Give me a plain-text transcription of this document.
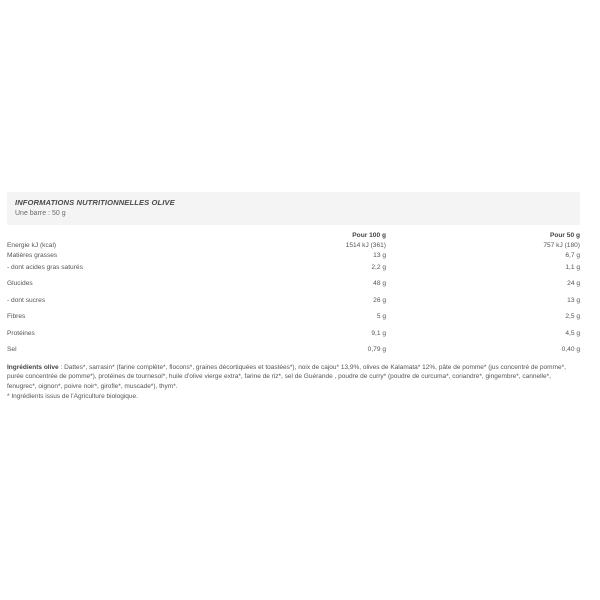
INFORMATIONS NUTRITIONNELLES OLIVE
Une barre : 50 g
	Pour 100 g	Pour 50 g
Energie kJ (kcal)	1514 kJ (361)	757 kJ (180)
Matières grasses	13 g	6,7 g
- dont acides gras saturés	2,2 g	1,1 g
Glucides	48 g	24 g
- dont sucres	26 g	13 g
Fibres	5 g	2,5 g
Protéines	9,1 g	4,5 g
Sel	0,79 g	0,40 g
Ingrédients olive : Dattes*, sarrasin* (farine complète*, flocons*, graines décortiquées et toastées*), noix de cajou* 13,9%, olives de Kalamata* 12%, pâte de pomme* (jus concentré de pomme*, purée concentrée de pomme*), protéines de tournesol*, huile d'olive vierge extra*, farine de riz*, sel de Guérande , poudre de curry* (poudre de curcuma*, coriandre*, gingembre*, cannelle*, fenugrec*, oignon*, poivre noir*, girofle*, muscade*), thym*.
* Ingrédients issus de l'Agriculture biologique.
